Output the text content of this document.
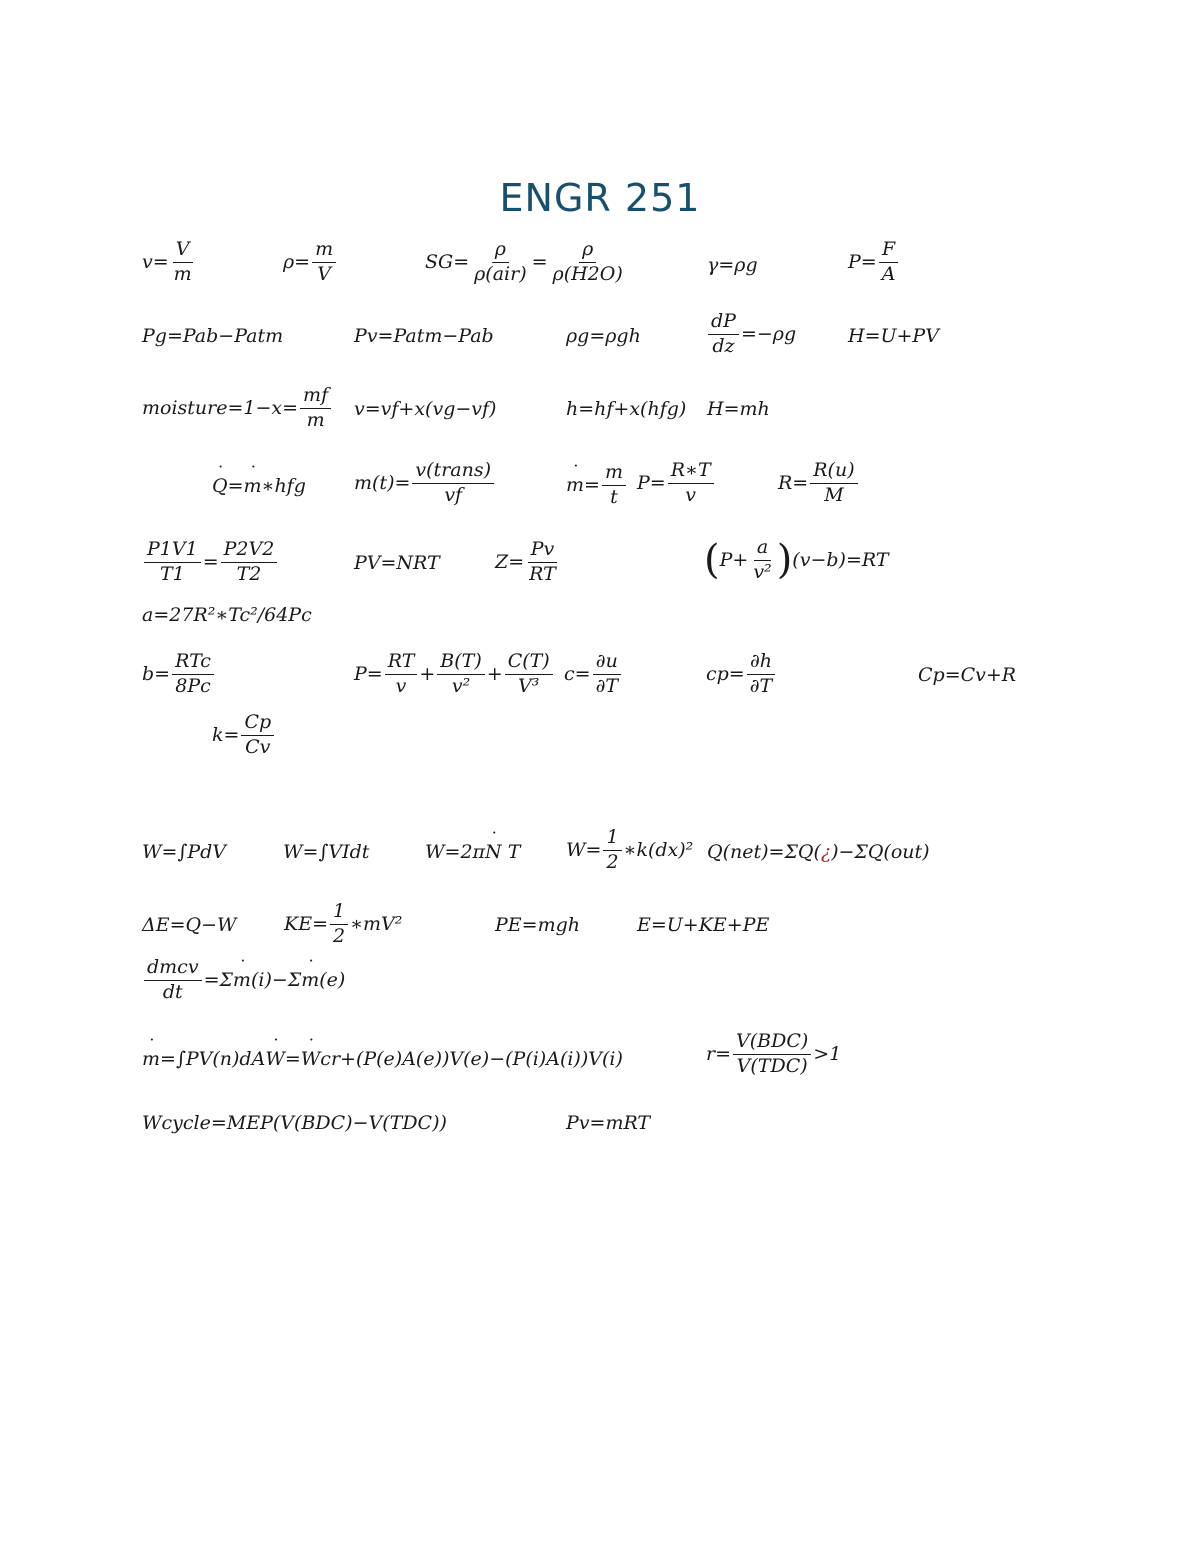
ENGR 251
$v= \frac{V}{m}$	$\rho= \frac{m}{V}$	$SG= \frac{\rho}{\text{ρ(air)}} = \frac{\rho}{\rho(H2O)}$	γ=ρg	$P= \frac{F}{A}$
Pg=Pab−Patm	Pv=Patm−Pab	ρg=ρgh	$\frac{dP}{dz} =-\rho g$	H=U+PV
moisture=1−x= $\frac{mf}{m} v=vf+x(vg-vf)$	h=hf+x(hfg) H=mh
˙ Q = ˙ m ∗hfg	$m(t)= \frac{\text{v(trans)}}{vf}$	˙ $m = \frac{m}{t} P= \frac{R∗T}{v}$	$R= \frac{R(u)}{M}$
$\frac{P1V1}{T1} = \frac{P2V2}{T2}$	PV=NRT	$Z= \frac{Pv}{RT}$	( $P+ \frac{a}{\text{v²}}$ ) (v−b)=RT
a=27R²∗Tc²/64Pc
$b= \frac{\text{RTc}}{8Pc}$	$P= \frac{RT}{v} + \frac{B(T)}{\text{v²}} + \frac{C(T)}{\text{V³}} c= \frac{\partial u}{\partial T}$	$cp= \frac{\partial h}{\partial T}$	Cp=Cv+R
$k= \frac{Cp}{Cv}$
W=∫PdV	W=∫VIdt	W=2π ˙ N
T $W= \frac{1}{2}$ ∗k(dx)² Q(net)=ΣQ( ¿ )−ΣQ(out)
ΔE=Q−W $KE= \frac{1}{2}$ ∗mV²	PE=mgh	E=U+KE+PE
$\frac{\text{dmcv}}{dt} =\Sigma$ ˙ m (i)−Σ ˙ m (e)
˙ m =∫PV(n)dA ˙ W = ˙ W cr+(P(e)A(e))V(e)−(P(i)A(i))V(i)	$r= \frac{\text{V(BDC)}}{\text{V(TDC)}} >1$
Wcycle=MEP(V(BDC)−V(TDC))	Pv=mRT
